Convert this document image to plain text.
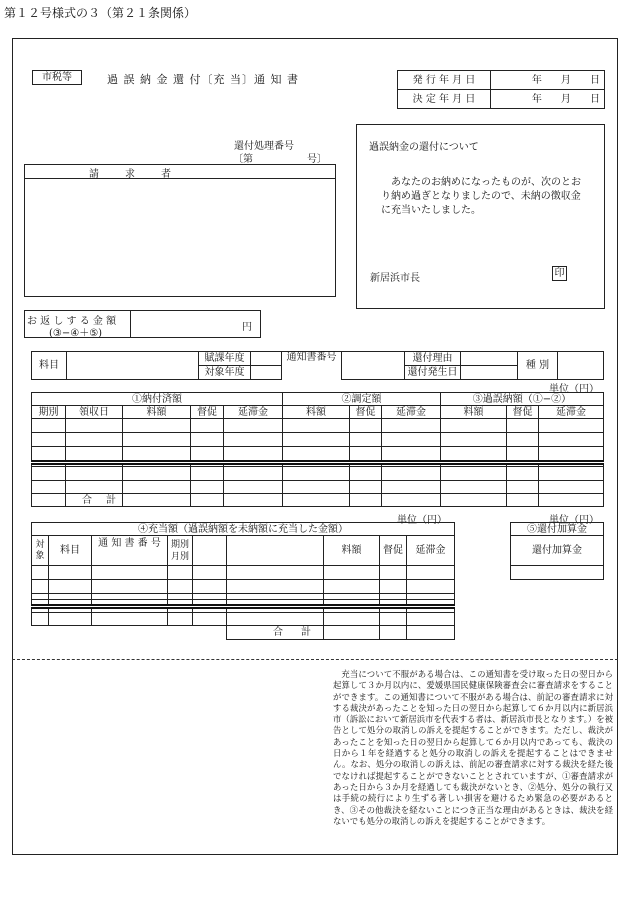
第１２号様式の３（第２１条関係）
市税等	過 誤 納 金 還 付〔充 当〕通 知 書	発 行 年 月 日	年 月 日
決 定 年 月 日	年 月 日
還付処理番号
〔第	号〕
請　求　者
過誤納金の還付について
あなたのお納めになったものが、次のとおり納め過ぎとなりましたので、未納の徴収金に充当いたしました。
新居浜市長	印
お 返 し す る 金 額
(③−④＋⑤)
円
料目		賦課年度		通知書番号		還付理由		種 別	
		対象年度				還付発生日			
単位（円）
①納付済額					②調定額			③過誤納額（①−②）		
期別	領収日	料額	督促	延滞金	料額	督促	延滞金	料額	督促	延滞金

	合　計									
単位（円）	単位（円）
④充当額（過誤納額を未納額に充当した金額）								
対象	料目	通 知 書 番 号	期別
月別			料額	督促	延滞金

					合　計			
⑤還付加算金
還付加算金

充当について不服がある場合は、この通知書を受け取った日の翌日から起算して３か月以内に、愛媛県国民健康保険審査会に審査請求をすることができます。この通知書について不服がある場合は、前記の審査請求に対する裁決があったことを知った日の翌日から起算して６か月以内に新居浜市（訴訟において新居浜市を代表する者は、新居浜市長となります。）を被告として処分の取消しの訴えを提起することができます。ただし、裁決があったことを知った日の翌日から起算して６か月以内であっても、裁決の日から１年を経過すると処分の取消しの訴えを提起することはできません。なお、処分の取消しの訴えは、前記の審査請求に対する裁決を経た後でなければ提起することができないこととされていますが、①審査請求があった日から３か月を経過しても裁決がないとき、②処分、処分の執行又は手続の続行により生ずる著しい損害を避けるため緊急の必要があるとき、③その他裁決を経ないことにつき正当な理由があるときは、裁決を経ないでも処分の取消しの訴えを提起することができます。
